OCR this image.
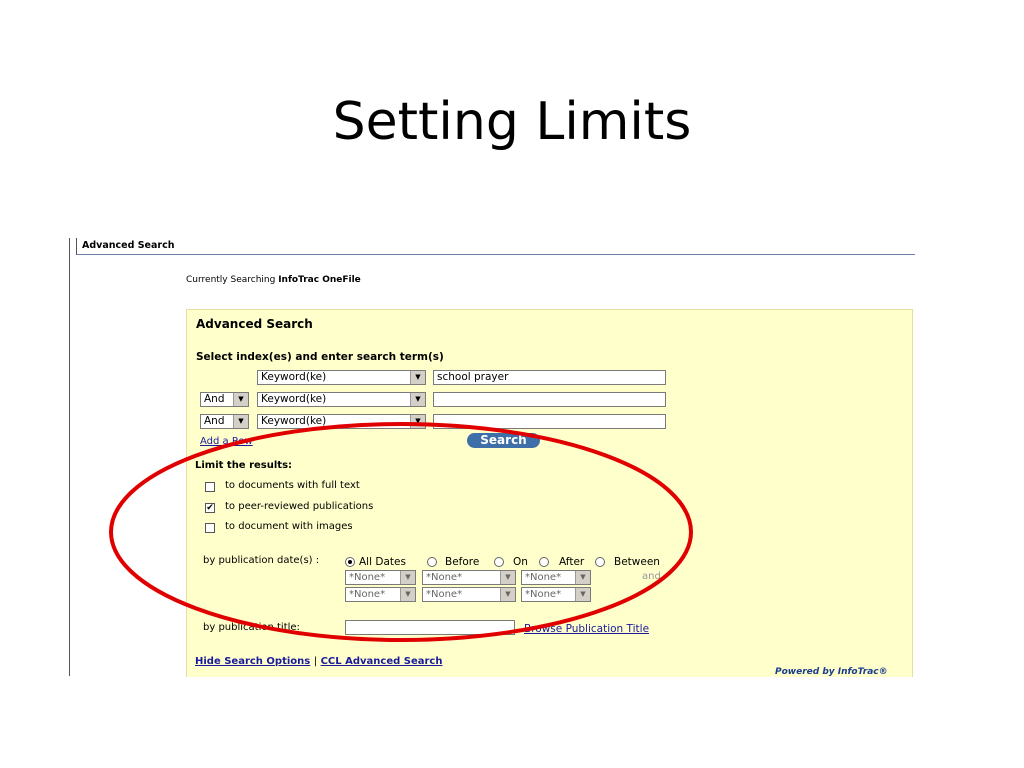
Setting Limits
Advanced Search
Currently Searching InfoTrac OneFile
Advanced Search
Select index(es) and enter search term(s)
Keyword(ke)	▼	school prayer
And	▼	Keyword(ke)	▼
And	▼	Keyword(ke)	▼
Add a Row	Search
Limit the results:
to documents with full text
✔ to peer-reviewed publications
to document with images
by publication date(s) :	All Dates	Before	On	After	Between
*None*	▼	*None*	▼	*None*	▼	and
*None*	▼	*None*	▼	*None*	▼
by publication title:	Browse Publication Title
Hide Search Options | CCL Advanced Search
Powered by InfoTrac®
